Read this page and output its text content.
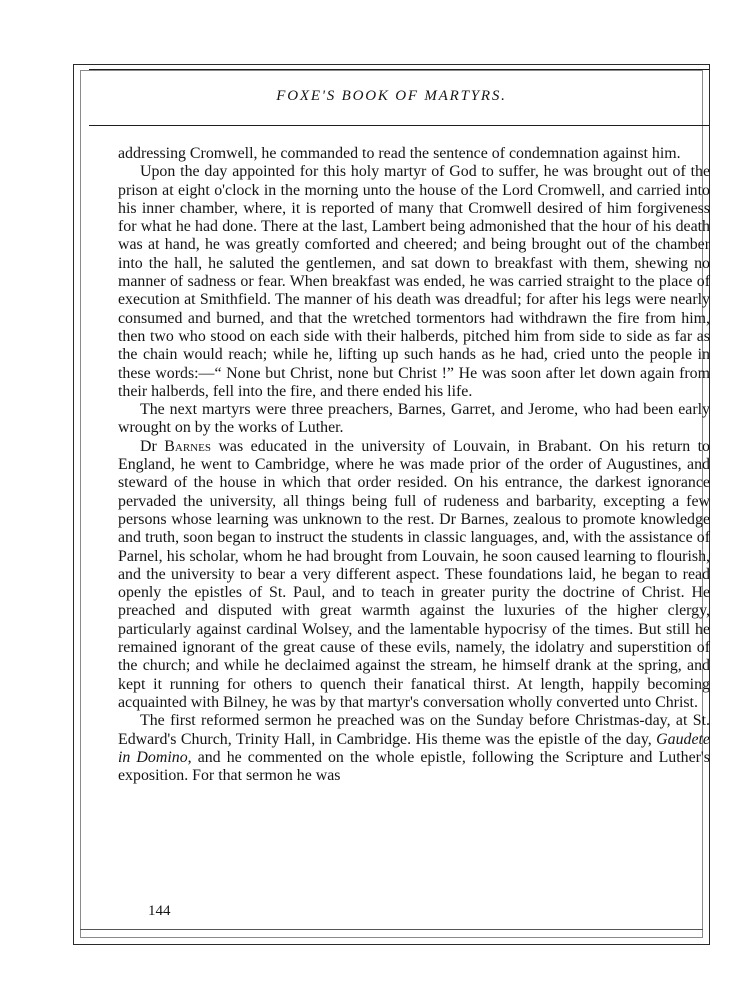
FOXE'S BOOK OF MARTYRS.

addressing Cromwell, he commanded to read the sentence of condemnation against him.

Upon the day appointed for this holy martyr of God to suffer, he was brought out of the prison at eight o'clock in the morning unto the house of the Lord Cromwell, and carried into his inner chamber, where, it is reported of many that Cromwell desired of him forgiveness for what he had done. There at the last, Lambert being admonished that the hour of his death was at hand, he was greatly comforted and cheered; and being brought out of the chamber into the hall, he saluted the gentlemen, and sat down to breakfast with them, shewing no manner of sadness or fear. When breakfast was ended, he was carried straight to the place of execution at Smithfield. The manner of his death was dreadful; for after his legs were nearly consumed and burned, and that the wretched tormentors had withdrawn the fire from him, then two who stood on each side with their halberds, pitched him from side to side as far as the chain would reach; while he, lifting up such hands as he had, cried unto the people in these words:—“ None but Christ, none but Christ !” He was soon after let down again from their halberds, fell into the fire, and there ended his life.

The next martyrs were three preachers, Barnes, Garret, and Jerome, who had been early wrought on by the works of Luther.

Dr Barnes was educated in the university of Louvain, in Brabant. On his return to England, he went to Cambridge, where he was made prior of the order of Augustines, and steward of the house in which that order resided. On his entrance, the darkest ignorance pervaded the university, all things being full of rudeness and barbarity, excepting a few persons whose learning was unknown to the rest. Dr Barnes, zealous to promote knowledge and truth, soon began to instruct the students in classic languages, and, with the assistance of Parnel, his scholar, whom he had brought from Louvain, he soon caused learning to flourish, and the university to bear a very different aspect. These foundations laid, he began to read openly the epistles of St. Paul, and to teach in greater purity the doctrine of Christ. He preached and disputed with great warmth against the luxuries of the higher clergy, particularly against cardinal Wolsey, and the lamentable hypocrisy of the times. But still he remained ignorant of the great cause of these evils, namely, the idolatry and superstition of the church; and while he declaimed against the stream, he himself drank at the spring, and kept it running for others to quench their fanatical thirst. At length, happily becoming acquainted with Bilney, he was by that martyr's conversation wholly converted unto Christ.

The first reformed sermon he preached was on the Sunday before Christmas-day, at St. Edward's Church, Trinity Hall, in Cambridge. His theme was the epistle of the day, Gaudete in Domino, and he commented on the whole epistle, following the Scripture and Luther's exposition. For that sermon he was

144
